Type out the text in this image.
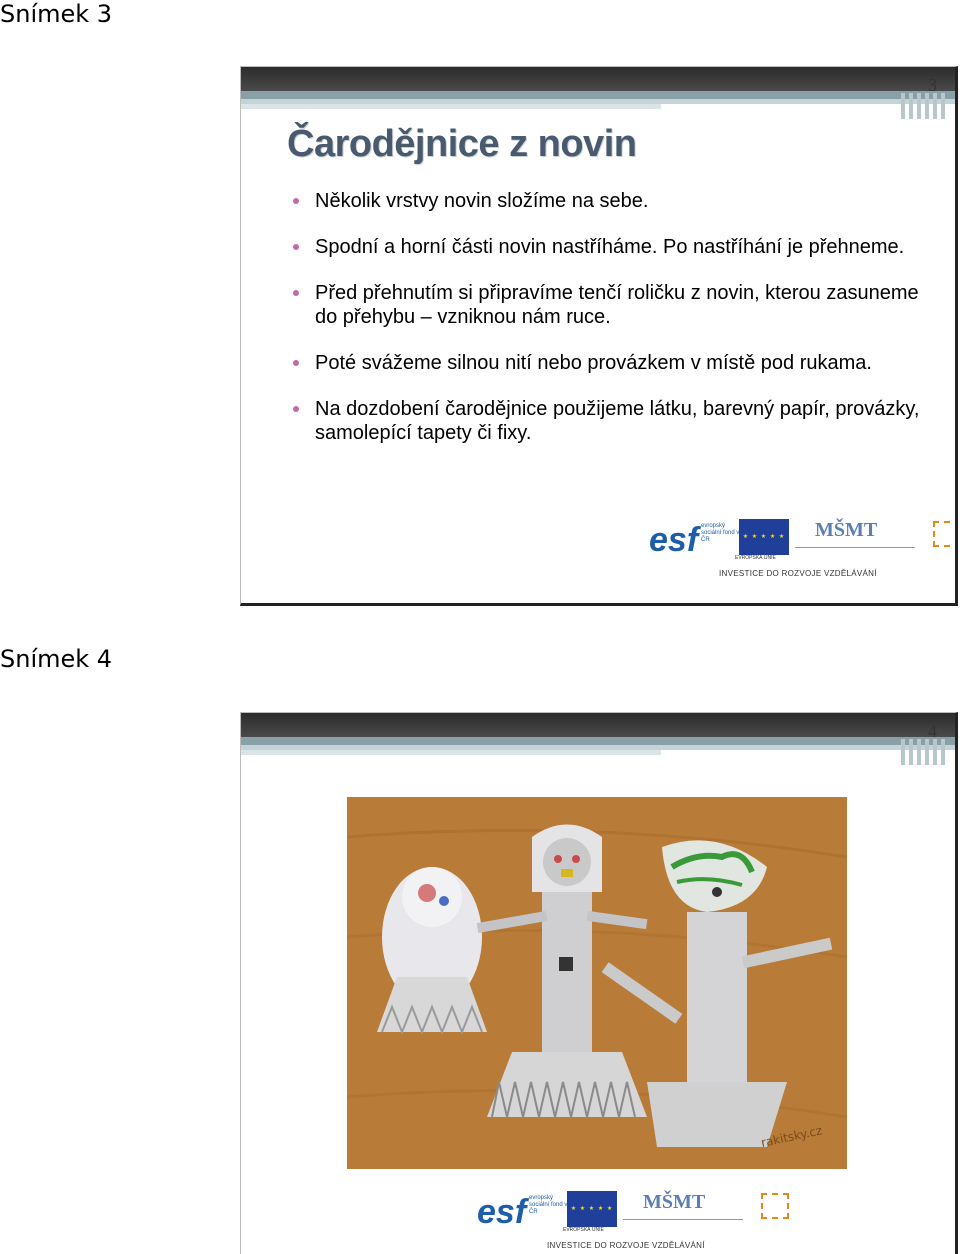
Snímek 3
3
Čarodějnice z novin
Několik vrstvy novin složíme na sebe.
Spodní a horní části novin nastříháme. Po nastříhání je přehneme.
Před přehnutím si připravíme tenčí roličku z novin, kterou zasuneme do přehybu – vzniknou nám ruce.
Poté svážeme silnou nití nebo provázkem v místě pod rukama.
Na dozdobení čarodějnice použijeme látku, barevný papír, provázky, samolepící tapety či fixy.
esf evropský sociální fond v ČR	★ ★ ★ ★ ★
EVROPSKÁ UNIE
MŠMT
INVESTICE DO ROZVOJE VZDĚLÁVÁNÍ
Snímek 4
4
rakitsky.cz
esf evropský sociální fond v ČR	★ ★ ★ ★ ★
EVROPSKÁ UNIE
MŠMT
INVESTICE DO ROZVOJE VZDĚLÁVÁNÍ
